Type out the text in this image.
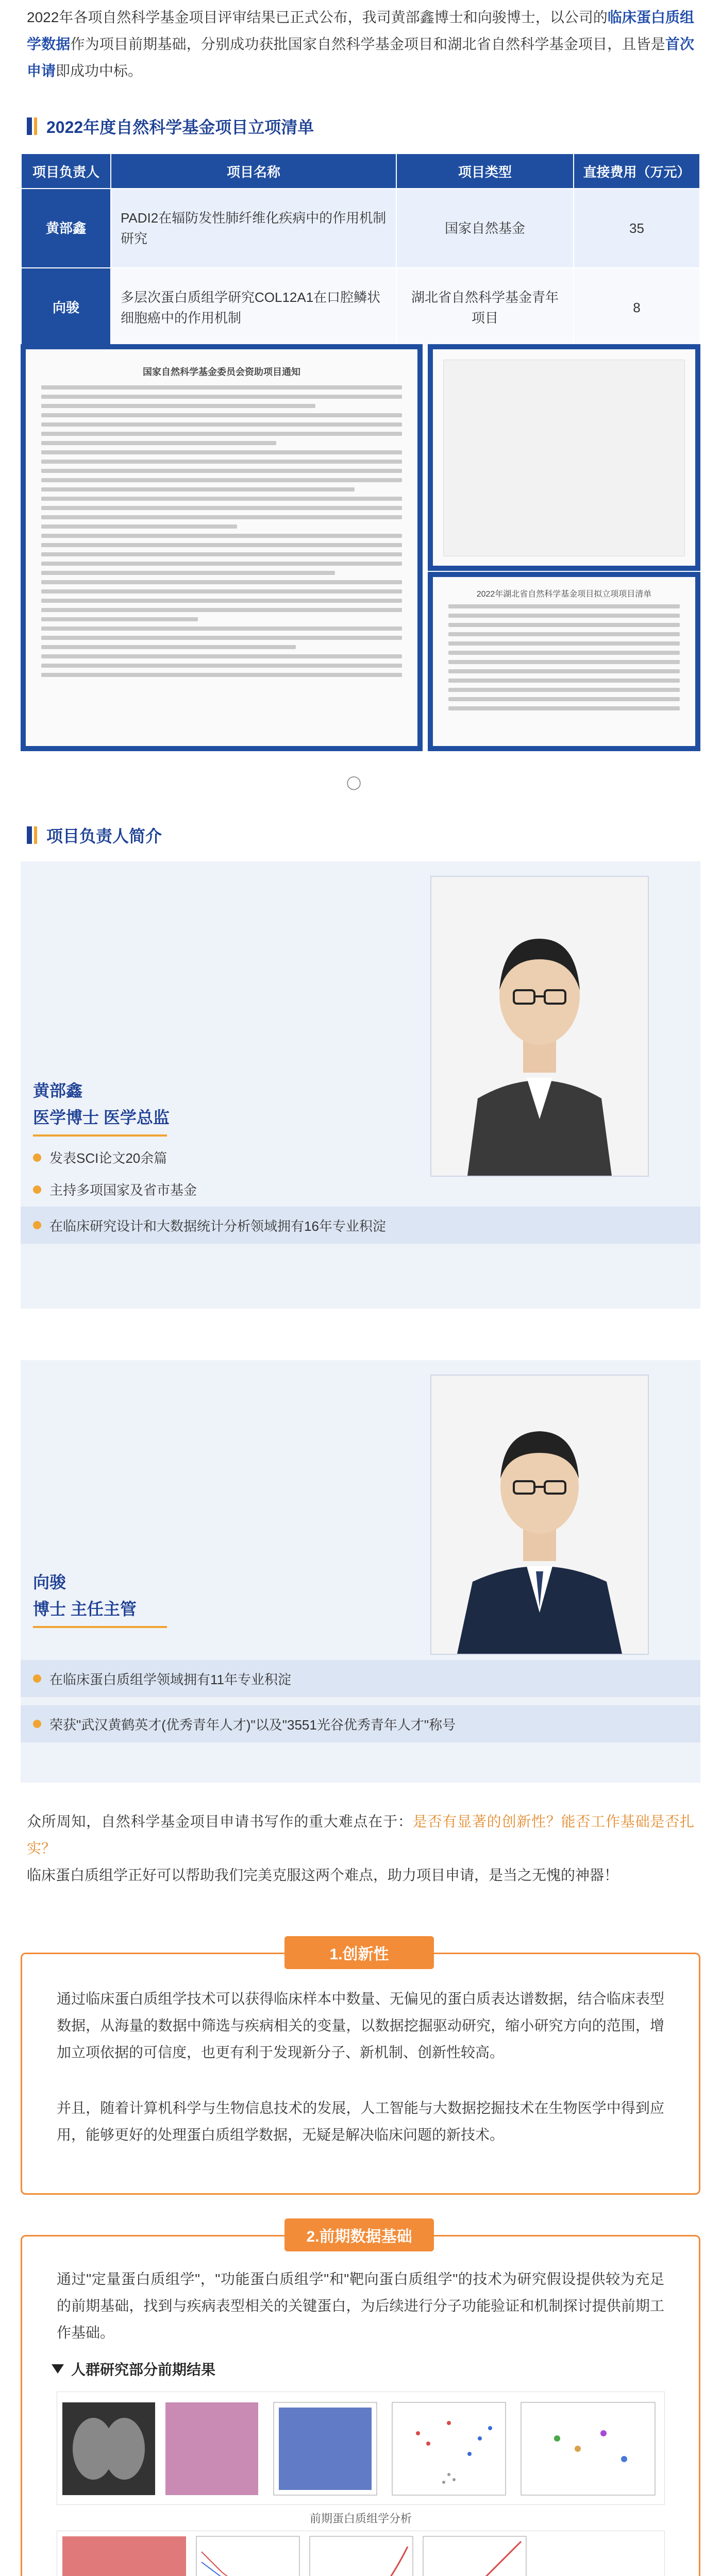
2022年各项自然科学基金项目评审结果已正式公布，我司黄部鑫博士和向骏博士，以公司的临床蛋白质组学数据作为项目前期基础，分别成功获批国家自然科学基金项目和湖北省自然科学基金项目，且皆是首次申请即成功中标。

2022年度自然科学基金项目立项清单
项目负责人	项目名称	项目类型	直接费用（万元）
黄部鑫	PADI2在辐防发性肺纤维化疾病中的作用机制研究	国家自然基金	35
向骏	多层次蛋白质组学研究COL12A1在口腔鳞状细胞癌中的作用机制	湖北省自然科学基金青年项目	8
国家自然科学基金委员会资助项目通知
2022年湖北省自然科学基金项目拟立项项目清单
◯
项目负责人简介
黄部鑫
医学博士 医学总监
发表SCI论文20余篇
主持多项国家及省市基金
在临床研究设计和大数据统计分析领域拥有16年专业积淀
向骏
博士 主任主管
在临床蛋白质组学领域拥有11年专业积淀
荣获"武汉黄鹤英才(优秀青年人才)"以及"3551光谷优秀青年人才"称号

众所周知，自然科学基金项目申请书写作的重大难点在于：是否有显著的创新性？能否工作基础是否扎实？
临床蛋白质组学正好可以帮助我们完美克服这两个难点，助力项目申请，是当之无愧的神器！

1.创新性

通过临床蛋白质组学技术可以获得临床样本中数量、无偏见的蛋白质表达谱数据，结合临床表型数据，从海量的数据中筛选与疾病相关的变量，以数据挖掘驱动研究，缩小研究方向的范围，增加立项依据的可信度，也更有利于发现新分子、新机制、创新性较高。

并且，随着计算机科学与生物信息技术的发展，人工智能与大数据挖掘技术在生物医学中得到应用，能够更好的处理蛋白质组学数据，无疑是解决临床问题的新技术。

2.前期数据基础

通过"定量蛋白质组学"，"功能蛋白质组学"和"靶向蛋白质组学"的技术为研究假设提供较为充足的前期基础，找到与疾病表型相关的关键蛋白，为后续进行分子功能验证和机制探讨提供前期工作基础。

人群研究部分前期结果
前期蛋白质组学分析
